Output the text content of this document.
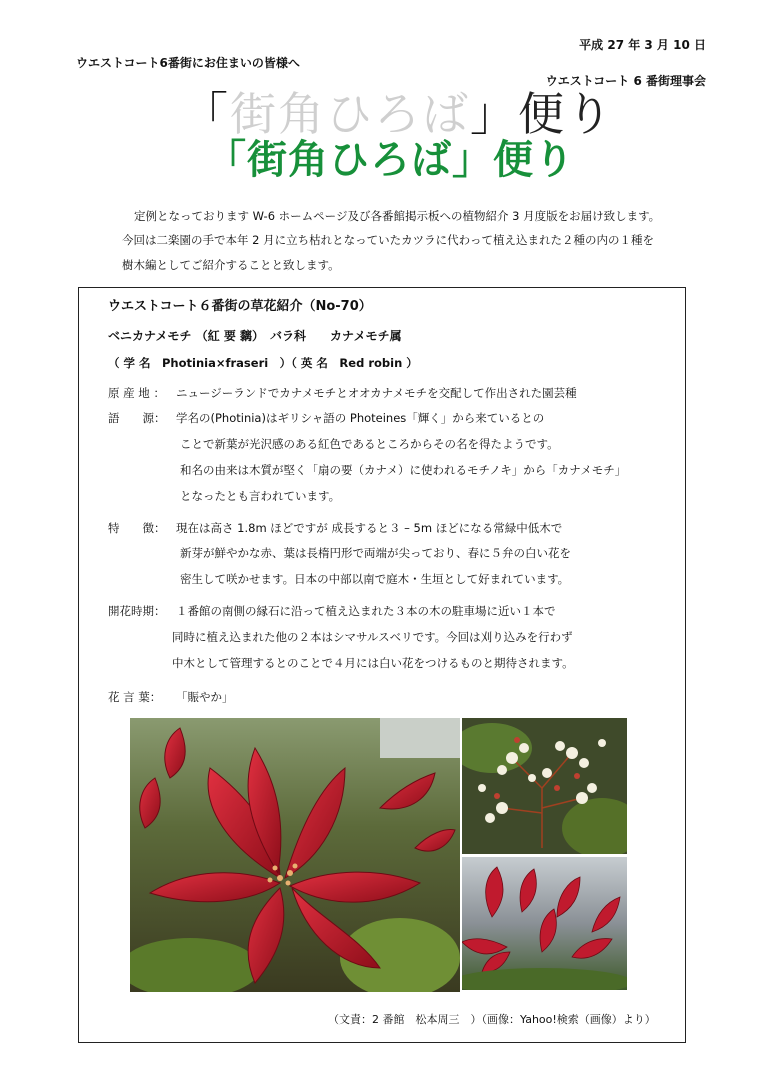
平成 27 年 3 月 10 日
ウエストコート6番街にお住まいの皆様へ
ウエストコート 6 番街理事会
「街角ひろば」便り
「街角ひろば」便り
定例となっております W-6 ホームページ及び各番館掲示板への植物紹介 3 月度版をお届け致します。
今回は二楽園の手で本年 2 月に立ち枯れとなっていたカツラに代わって植え込まれた２種の内の１種を
樹木編としてご紹介することと致します。
ウエストコート６番街の草花紹介（No-70）
ベニカナメモチ （紅 要 黐）　バラ科　　カナメモチ属
（ 学 名　Photinia×fraseri　）（ 英 名　Red robin ）
原 産 地 ： ニュージーランドでカナメモチとオオカナメモチを交配して作出された園芸種
語　　源： 学名の(Photinia)はギリシャ語の Photeines「輝く」から来ているとの
ことで新葉が光沢感のある紅色であるところからその名を得たようです。
和名の由来は木質が堅く「扇の要（カナメ）に使われるモチノキ」から「カナメモチ」
となったとも言われています。
特　　徴： 現在は高さ 1.8m ほどですが 成長すると３ – 5m ほどになる常緑中低木で
新芽が鮮やかな赤、葉は長楕円形で両端が尖っており、春に５弁の白い花を
密生して咲かせます。日本の中部以南で庭木・生垣として好まれています。
開花時期： １番館の南側の縁石に沿って植え込まれた３本の木の駐車場に近い１本で
同時に植え込まれた他の２本はシマサルスベリです。今回は刈り込みを行わず
中木として管理するとのことで４月には白い花をつけるものと期待されます。
花 言 葉： 「賑やか」
（文責：2 番館　松本周三　）（画像：Yahoo!検索（画像）より）
